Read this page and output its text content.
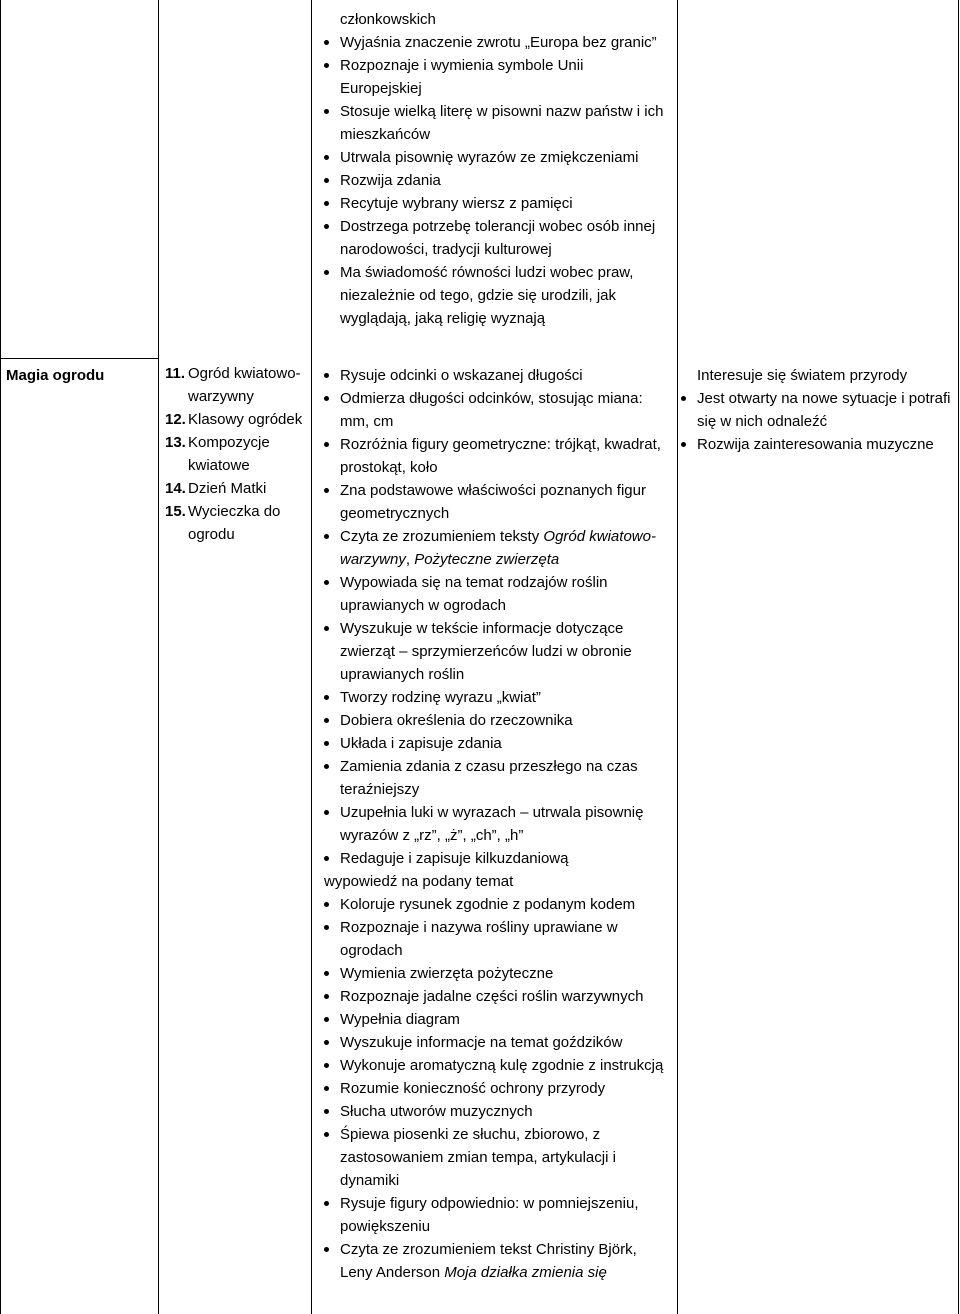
Magia ogrodu	11. Ogród kwiatowo-warzywny
12. Klasowy ogródek
13. Kompozycje kwiatowe
14. Dzień Matki
15. Wycieczka do ogrodu
członkowskich
Wyjaśnia znaczenie zwrotu „Europa bez granic”
Rozpoznaje i wymienia symbole Unii Europejskiej
Stosuje wielką literę w pisowni nazw państw i ich mieszkańców
Utrwala pisownię wyrazów ze zmiękczeniami
Rozwija zdania
Recytuje wybrany wiersz z pamięci
Dostrzega potrzebę tolerancji wobec osób innej narodowości, tradycji kulturowej
Ma świadomość równości ludzi wobec praw, niezależnie od tego, gdzie się urodzili, jak wyglądają, jaką religię wyznają
Rysuje odcinki o wskazanej długości
Odmierza długości odcinków, stosując miana: mm, cm
Rozróżnia figury geometryczne: trójkąt, kwadrat, prostokąt, koło
Zna podstawowe właściwości poznanych figur geometrycznych
Czyta ze zrozumieniem teksty Ogród kwiatowo-warzywny, Pożyteczne zwierzęta
Wypowiada się na temat rodzajów roślin uprawianych w ogrodach
Wyszukuje w tekście informacje dotyczące zwierząt – sprzymierzeńców ludzi w obronie uprawianych roślin
Tworzy rodzinę wyrazu „kwiat”
Dobiera określenia do rzeczownika
Układa i zapisuje zdania
Zamienia zdania z czasu przeszłego na czas teraźniejszy
Uzupełnia luki w wyrazach – utrwala pisownię wyrazów z „rz”, „ż”, „ch”, „h”
Redaguje i zapisuje kilkuzdaniową
wypowiedź na podany temat
Koloruje rysunek zgodnie z podanym kodem
Rozpoznaje i nazywa rośliny uprawiane w ogrodach
Wymienia zwierzęta pożyteczne
Rozpoznaje jadalne części roślin warzywnych
Wypełnia diagram
Wyszukuje informacje na temat goździków
Wykonuje aromatyczną kulę zgodnie z instrukcją
Rozumie konieczność ochrony przyrody
Słucha utworów muzycznych
Śpiewa piosenki ze słuchu, zbiorowo, z zastosowaniem zmian tempa, artykulacji i dynamiki
Rysuje figury odpowiednio: w pomniejszeniu, powiększeniu
Czyta ze zrozumieniem tekst Christiny Björk, Leny Anderson Moja działka zmienia się
Interesuje się światem przyrody
Jest otwarty na nowe sytuacje i potrafi się w nich odnaleźć
Rozwija zainteresowania muzyczne
